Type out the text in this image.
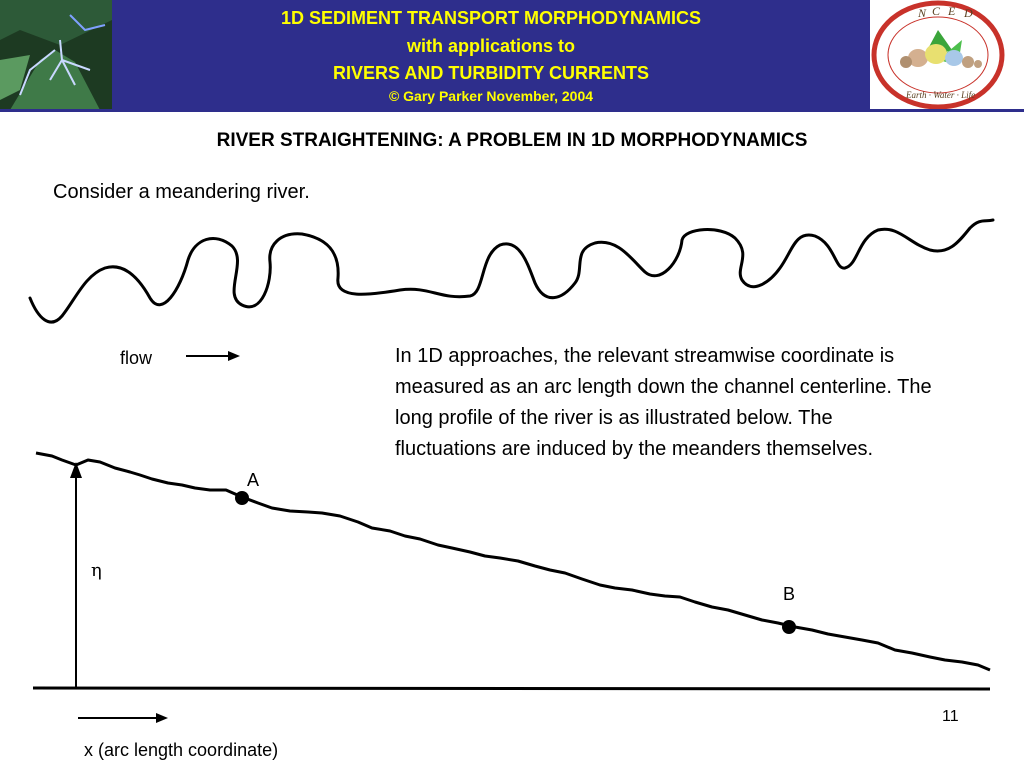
1D SEDIMENT TRANSPORT MORPHODYNAMICS
with applications to
RIVERS AND TURBIDITY CURRENTS
© Gary Parker November, 2004
N C E D
Earth · Water · Life
RIVER STRAIGHTENING: A PROBLEM IN 1D MORPHODYNAMICS
Consider a meandering river.
In 1D approaches, the relevant streamwise coordinate is measured as an arc length down the channel centerline. The long profile of the river is as illustrated below. The fluctuations are induced by the meanders themselves.
flow
η
A
B
x (arc length coordinate)
11
